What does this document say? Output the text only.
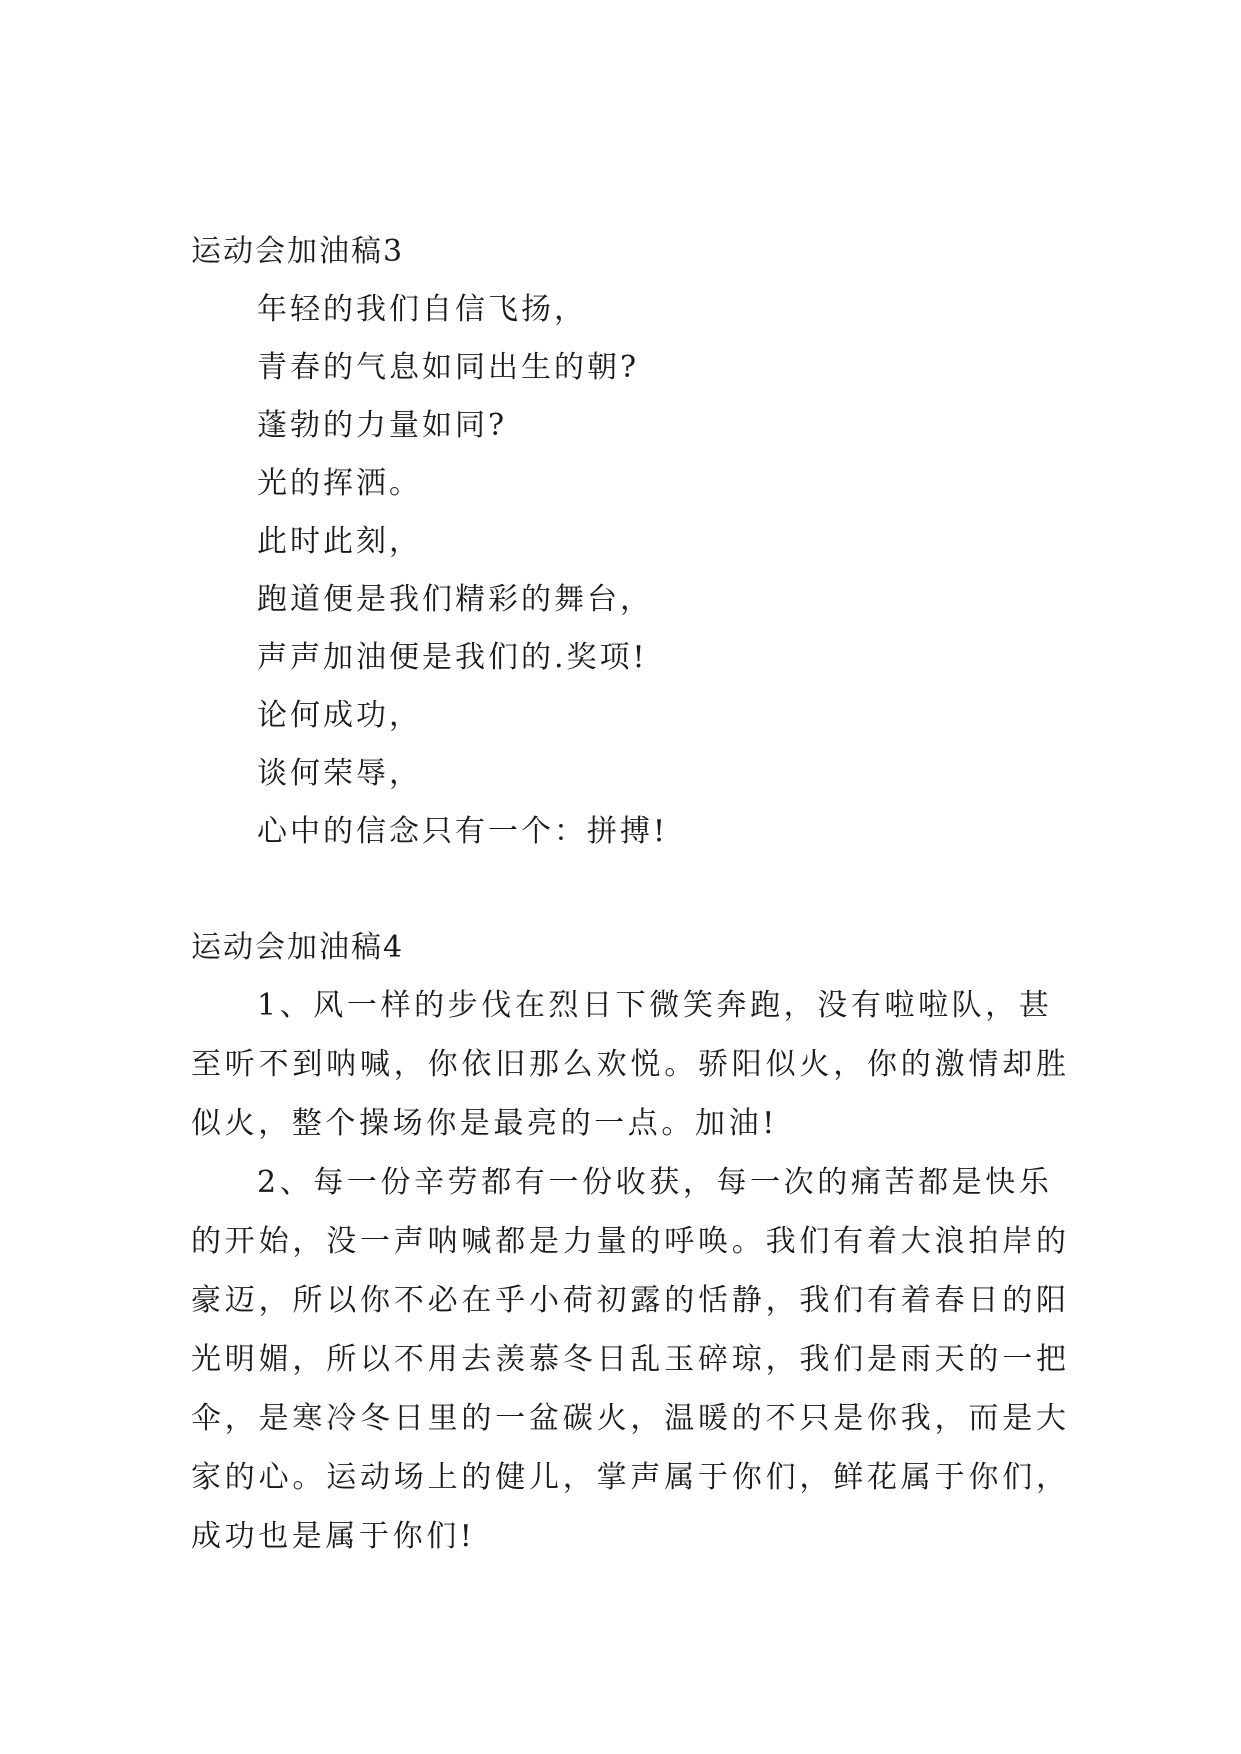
运动会加油稿3
年轻的我们自信飞扬，
青春的气息如同出生的朝?
蓬勃的力量如同?
光的挥洒。
此时此刻，
跑道便是我们精彩的舞台，
声声加油便是我们的.奖项!
论何成功，
谈何荣辱，
心中的信念只有一个：拼搏!
运动会加油稿4
1、风一样的步伐在烈日下微笑奔跑，没有啦啦队，甚
至听不到呐喊，你依旧那么欢悦。骄阳似火，你的激情却胜
似火，整个操场你是最亮的一点。加油!
2、每一份辛劳都有一份收获，每一次的痛苦都是快乐
的开始，没一声呐喊都是力量的呼唤。我们有着大浪拍岸的
豪迈，所以你不必在乎小荷初露的恬静，我们有着春日的阳
光明媚，所以不用去羡慕冬日乱玉碎琼，我们是雨天的一把
伞，是寒冷冬日里的一盆碳火，温暖的不只是你我，而是大
家的心。运动场上的健儿，掌声属于你们，鲜花属于你们，
成功也是属于你们!
